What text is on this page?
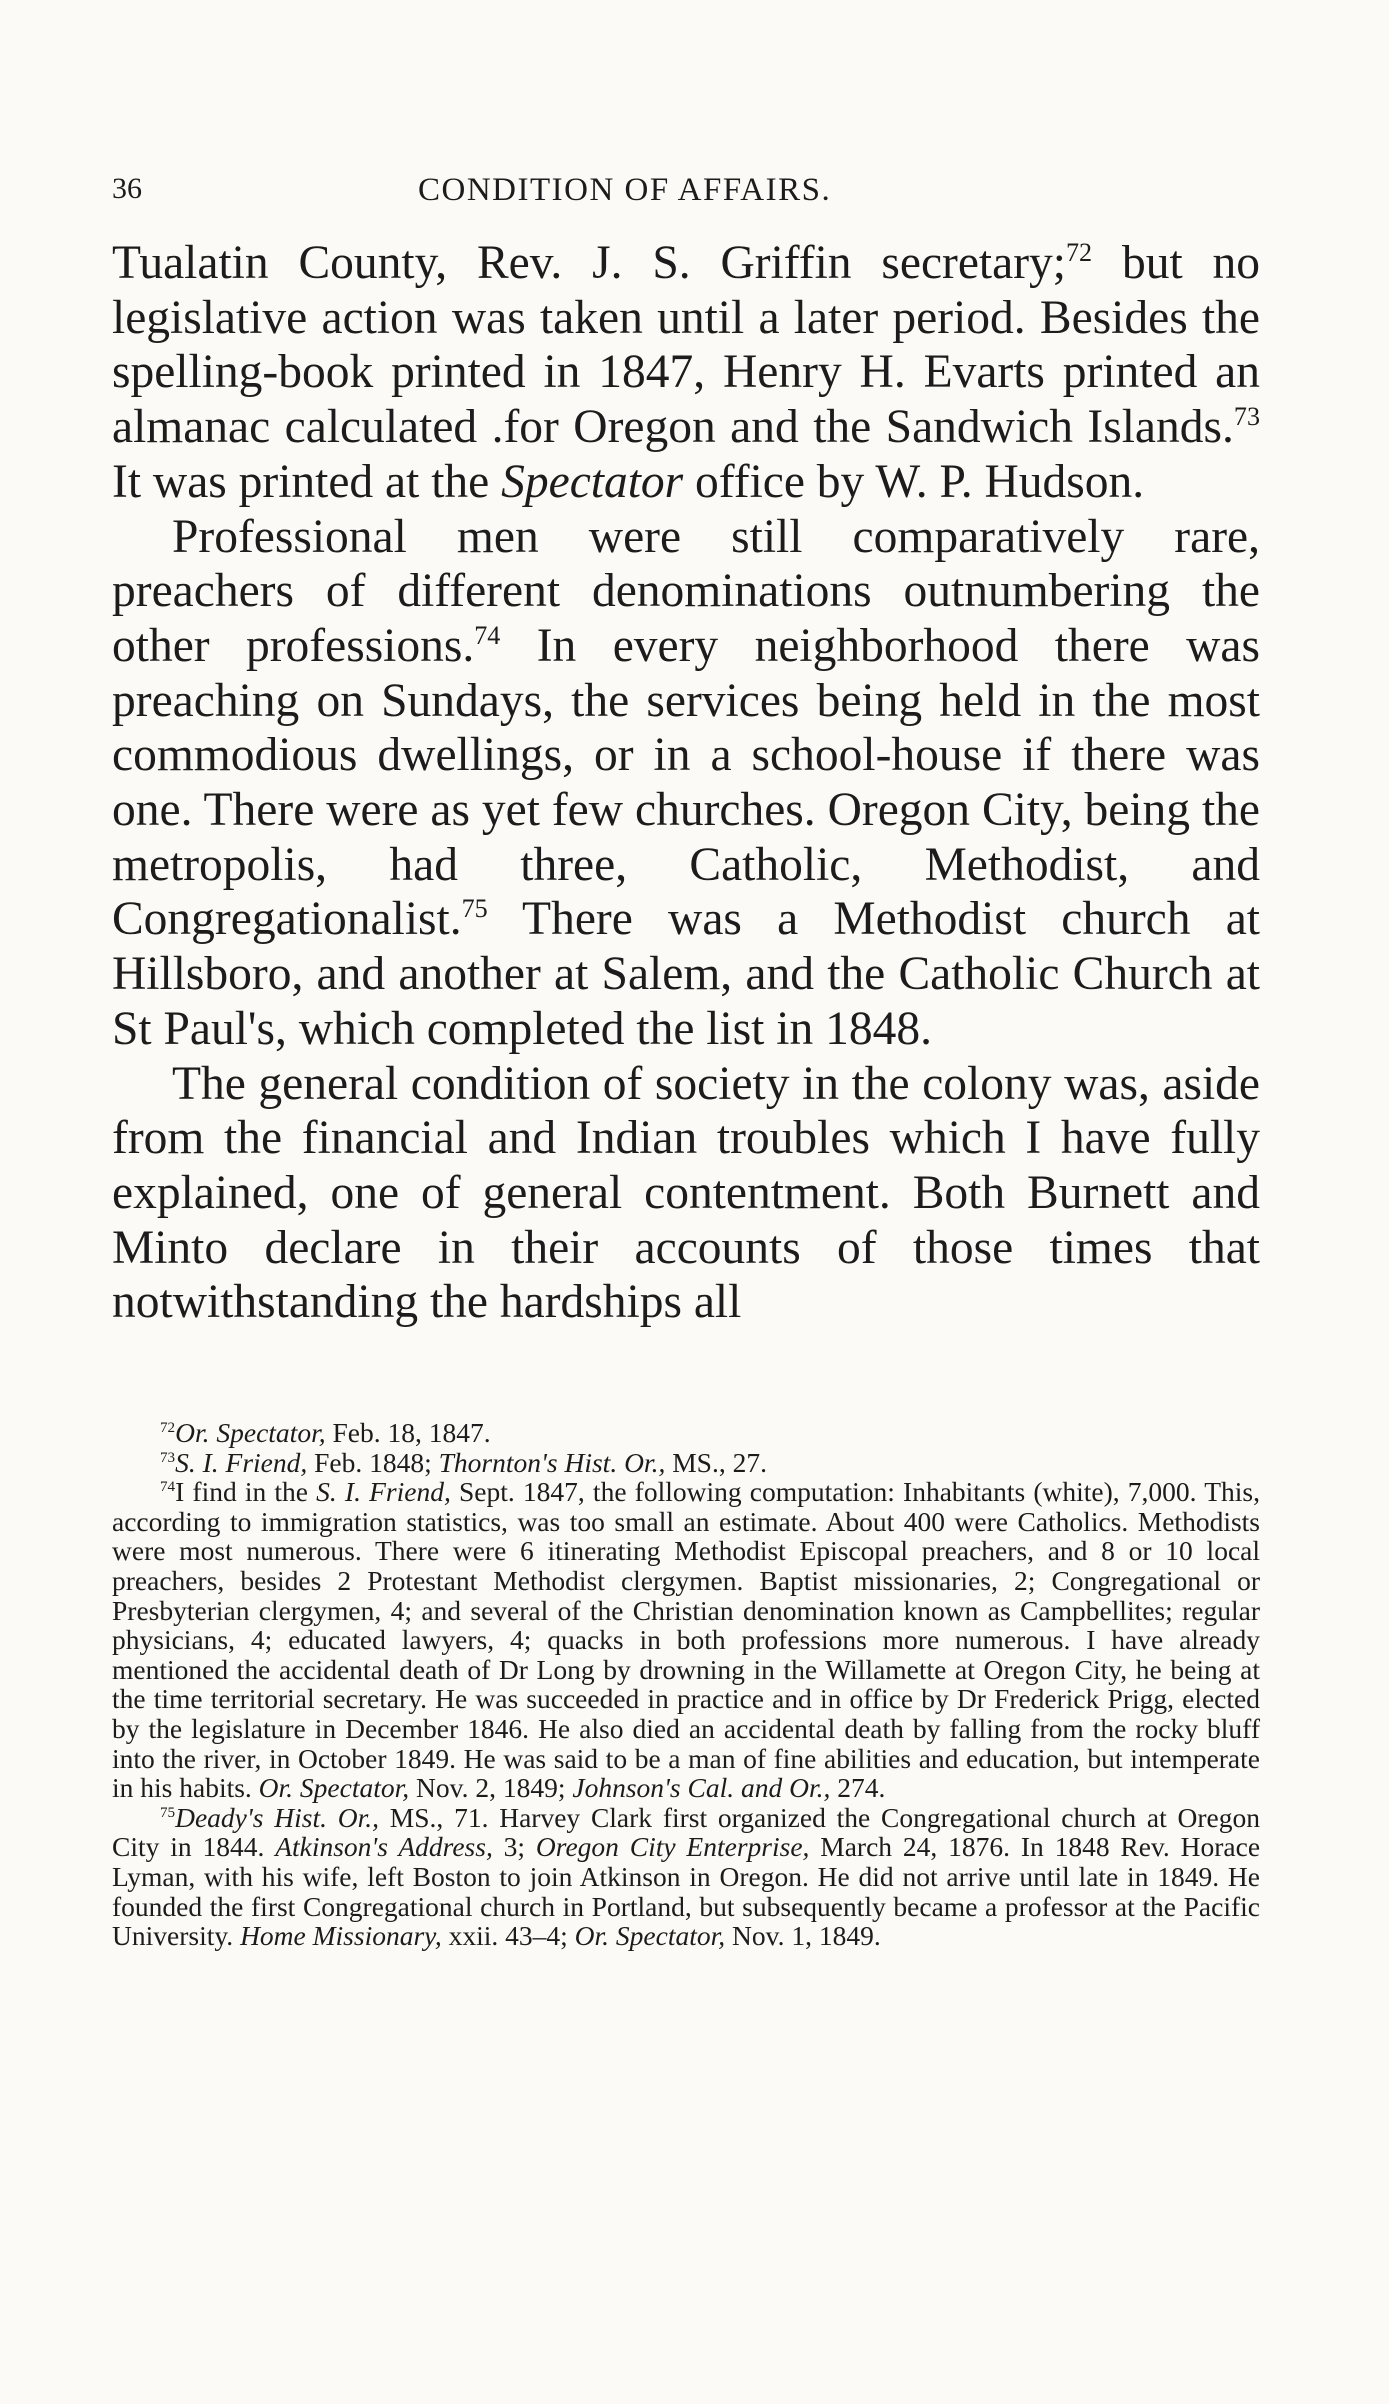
36	CONDITION OF AFFAIRS.

Tualatin County, Rev. J. S. Griffin secretary;$^{72}$ but no legislative action was taken until a later period. Besides the spelling-book printed in 1847, Henry H. Evarts printed an almanac calculated .for Oregon and the Sandwich Islands.$^{73}$ It was printed at the Spectator office by W. P. Hudson.

Professional men were still comparatively rare, preachers of different denominations outnumbering the other professions.$^{74}$ In every neighborhood there was preaching on Sundays, the services being held in the most commodious dwellings, or in a school-house if there was one. There were as yet few churches. Oregon City, being the metropolis, had three, Catholic, Methodist, and Congregationalist.$^{75}$ There was a Methodist church at Hillsboro, and another at Salem, and the Catholic Church at St Paul's, which completed the list in 1848.

The general condition of society in the colony was, aside from the financial and Indian troubles which I have fully explained, one of general contentment. Both Burnett and Minto declare in their accounts of those times that notwithstanding the hardships all

$^{72}$Or. Spectator, Feb. 18, 1847.

$^{73}$S. I. Friend, Feb. 1848; Thornton's Hist. Or., MS., 27.

$^{74}$I find in the S. I. Friend, Sept. 1847, the following computation: Inhabitants (white), 7,000. This, according to immigration statistics, was too small an estimate. About 400 were Catholics. Methodists were most numerous. There were 6 itinerating Methodist Episcopal preachers, and 8 or 10 local preachers, besides 2 Protestant Methodist clergymen. Baptist missionaries, 2; Congregational or Presbyterian clergymen, 4; and several of the Christian denomination known as Campbellites; regular physicians, 4; educated lawyers, 4; quacks in both professions more numerous. I have already mentioned the accidental death of Dr Long by drowning in the Willamette at Oregon City, he being at the time territorial secretary. He was succeeded in practice and in office by Dr Frederick Prigg, elected by the legislature in December 1846. He also died an accidental death by falling from the rocky bluff into the river, in October 1849. He was said to be a man of fine abilities and education, but intemperate in his habits. Or. Spectator, Nov. 2, 1849; Johnson's Cal. and Or., 274.

$^{75}$Deady's Hist. Or., MS., 71. Harvey Clark first organized the Congregational church at Oregon City in 1844. Atkinson's Address, 3; Oregon City Enterprise, March 24, 1876. In 1848 Rev. Horace Lyman, with his wife, left Boston to join Atkinson in Oregon. He did not arrive until late in 1849. He founded the first Congregational church in Portland, but subsequently became a professor at the Pacific University. Home Missionary, xxii. 43–4; Or. Spectator, Nov. 1, 1849.
